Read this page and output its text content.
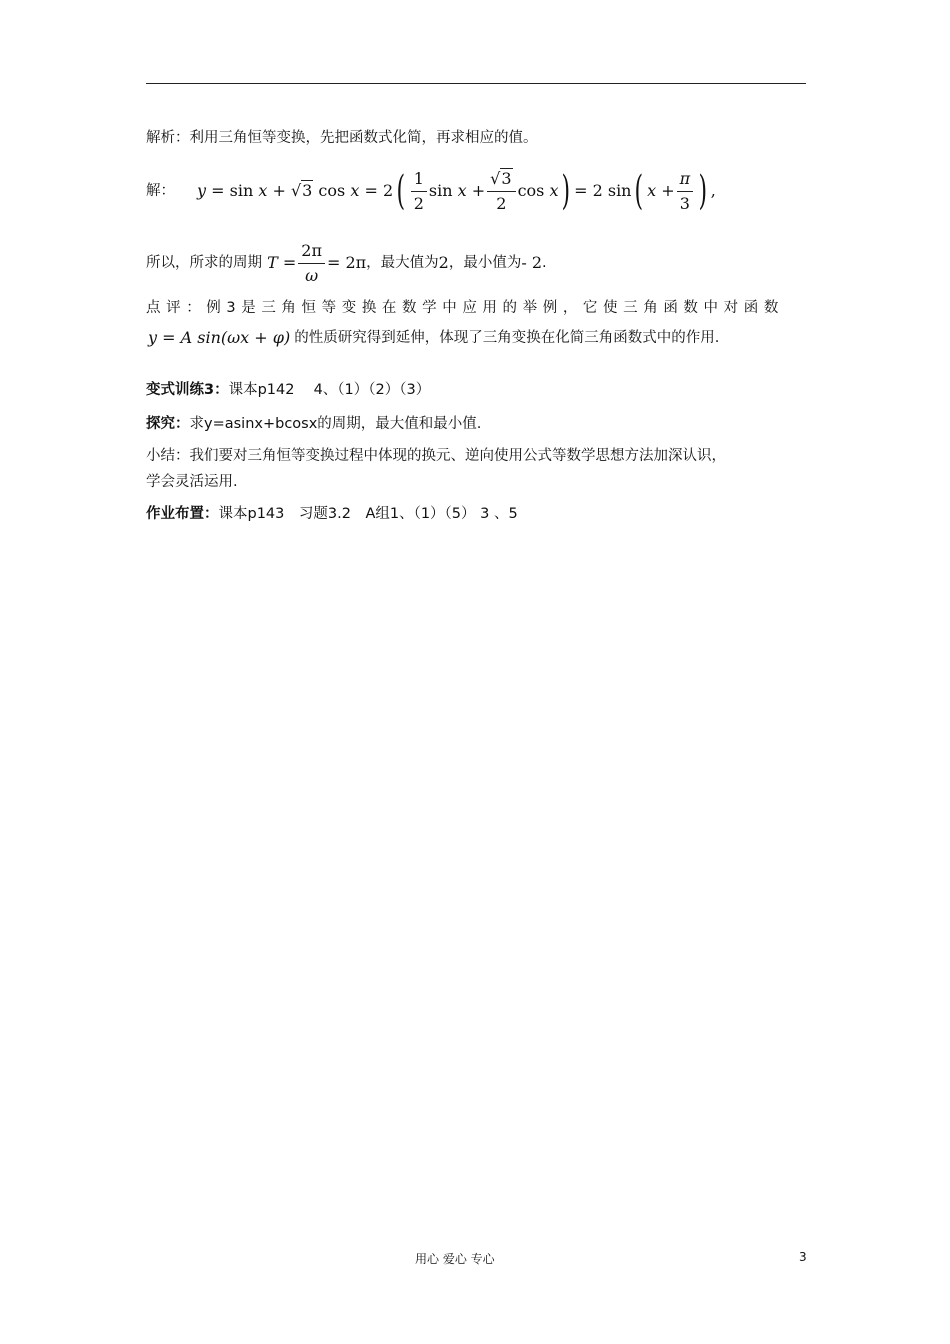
解析：利用三角恒等变换，先把函数式化简，再求相应的值。
解： y = sin x + √3 cos x = 2 ( $\frac{1}{2}$ $\sin x + \frac{√3}{2}$ cos x ) = 2 sin ( $x + \frac{\pi}{3}$ ) ,
所以，所求的周期 $T = \frac{2\pi}{\omega} = 2\pi$ ，最大值为 2 ，最小值为 - 2 .
点评：例3是三角恒等变换在数学中应用的举例，它使三角函数中对函数
y = A sin(ωx + φ) 的性质研究得到延伸，体现了三角变换在化简三角函数式中的作用.
变式训练3：课本p142　 4、（1）（2）（3）
探究：求y=asinx+bcosx的周期，最大值和最小值.
小结：我们要对三角恒等变换过程中体现的换元、逆向使用公式等数学思想方法加深认识，
学会灵活运用.
作业布置：课本p143　习题3.2　A组1、（1）（5） 3 、5
用心 爱心 专心	3
